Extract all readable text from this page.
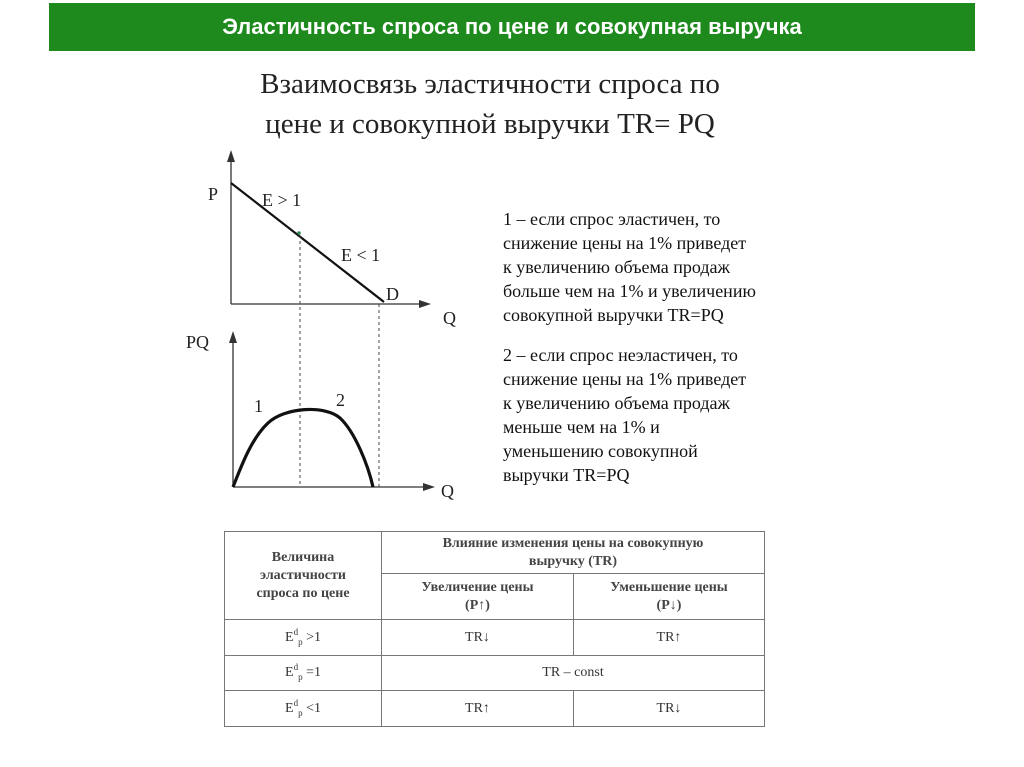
Эластичность спроса по цене и совокупная выручка
Взаимосвязь эластичности спроса по
цене и совокупной выручки TR= PQ
P E > 1
E < 1
D
Q
PQ
1	2
Q
1 – если спрос эластичен, то
снижение цены на 1% приведет
к увеличению объема продаж
больше чем на 1% и увеличению
совокупной выручки TR=PQ
2 – если спрос неэластичен, то
снижение цены на 1% приведет
к увеличению объема продаж
меньше чем на 1% и
уменьшению совокупной
выручки TR=PQ
Величина
эластичности
спроса по цене	Влияние изменения цены на совокупную
выручку (TR)	
	Увеличение цены
(P↑)	Уменьшение цены
(P↓)
$E^d_p >1$	TR↓	TR↑
$E^d_p =1$	TR – const	
$E^d_p <1$	TR↑	TR↓
